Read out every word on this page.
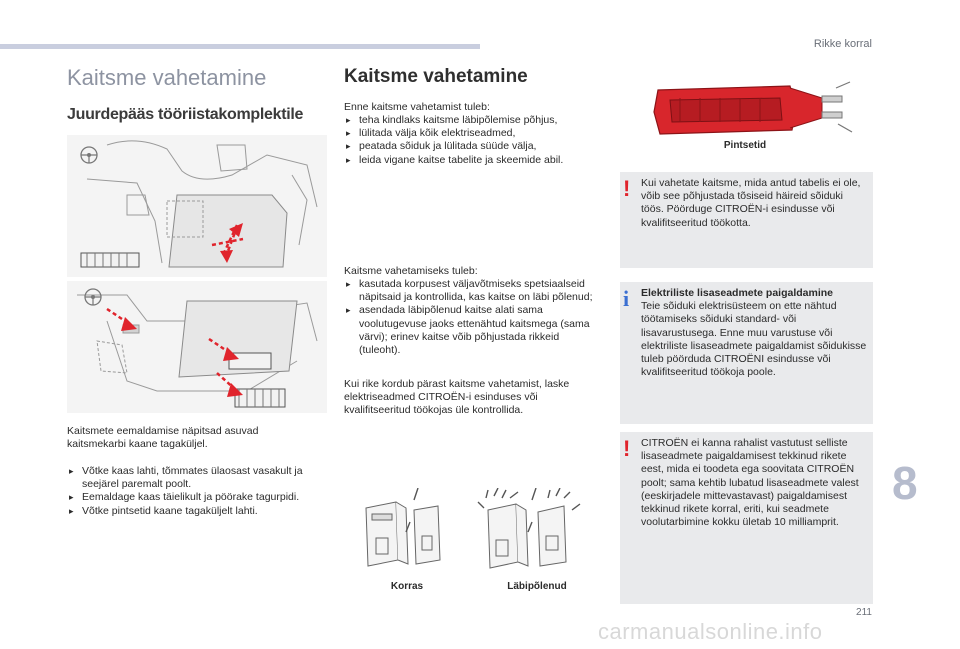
Rikke korral
Kaitsme vahetamine
Juurdepääs tööriistakomplektile
Kaitsmete eemaldamise näpitsad asuvad kaitsmekarbi kaane tagaküljel.
▸ Võtke kaas lahti, tõmmates ülaosast vasakult ja seejärel paremalt poolt.
▸ Eemaldage kaas täielikult ja pöörake tagurpidi.
▸ Võtke pintsetid kaane tagaküljelt lahti.
Kaitsme vahetamine
Enne kaitsme vahetamist tuleb:
▸ teha kindlaks kaitsme läbipõlemise põhjus,
▸ lülitada välja kõik elektriseadmed,
▸ peatada sõiduk ja lülitada süüde välja,
▸ leida vigane kaitse tabelite ja skeemide abil.
Kaitsme vahetamiseks tuleb:
▸ kasutada korpusest väljavõtmiseks spetsiaalseid näpitsaid ja kontrollida, kas kaitse on läbi põlenud;
▸ asendada läbipõlenud kaitse alati sama voolutugevuse jaoks ettenähtud kaitsmega (sama värvi); erinev kaitse võib põhjustada rikkeid (tuleoht).
Kui rike kordub pärast kaitsme vahetamist, laske elektriseadmed CITROËN-i esinduses või kvalifitseeritud töökojas üle kontrollida.
Korras	Läbipõlenud
Pintsetid
! Kui vahetate kaitsme, mida antud tabelis ei ole, võib see põhjustada tõsiseid häireid sõiduki töös. Pöörduge CITROËN-i esindusse või kvalifitseeritud töökotta.
i Elektriliste lisaseadmete paigaldamine
Teie sõiduki elektrisüsteem on ette nähtud töötamiseks sõiduki standard- või lisavarustusega. Enne muu varustuse või elektriliste lisaseadmete paigaldamist sõidukisse tuleb pöörduda CITROËNI esindusse või kvalifitseeritud töökoja poole.
! CITROËN ei kanna rahalist vastutust selliste lisaseadmete paigaldamisest tekkinud rikete eest, mida ei toodeta ega soovitata CITROËN poolt; sama kehtib lubatud lisaseadmete valest (eeskirjadele mittevastavast) paigaldamisest tekkinud rikete korral, eriti, kui seadmete voolutarbimine kokku ületab 10 milliamprit.
8
211
carmanualsonline.info
